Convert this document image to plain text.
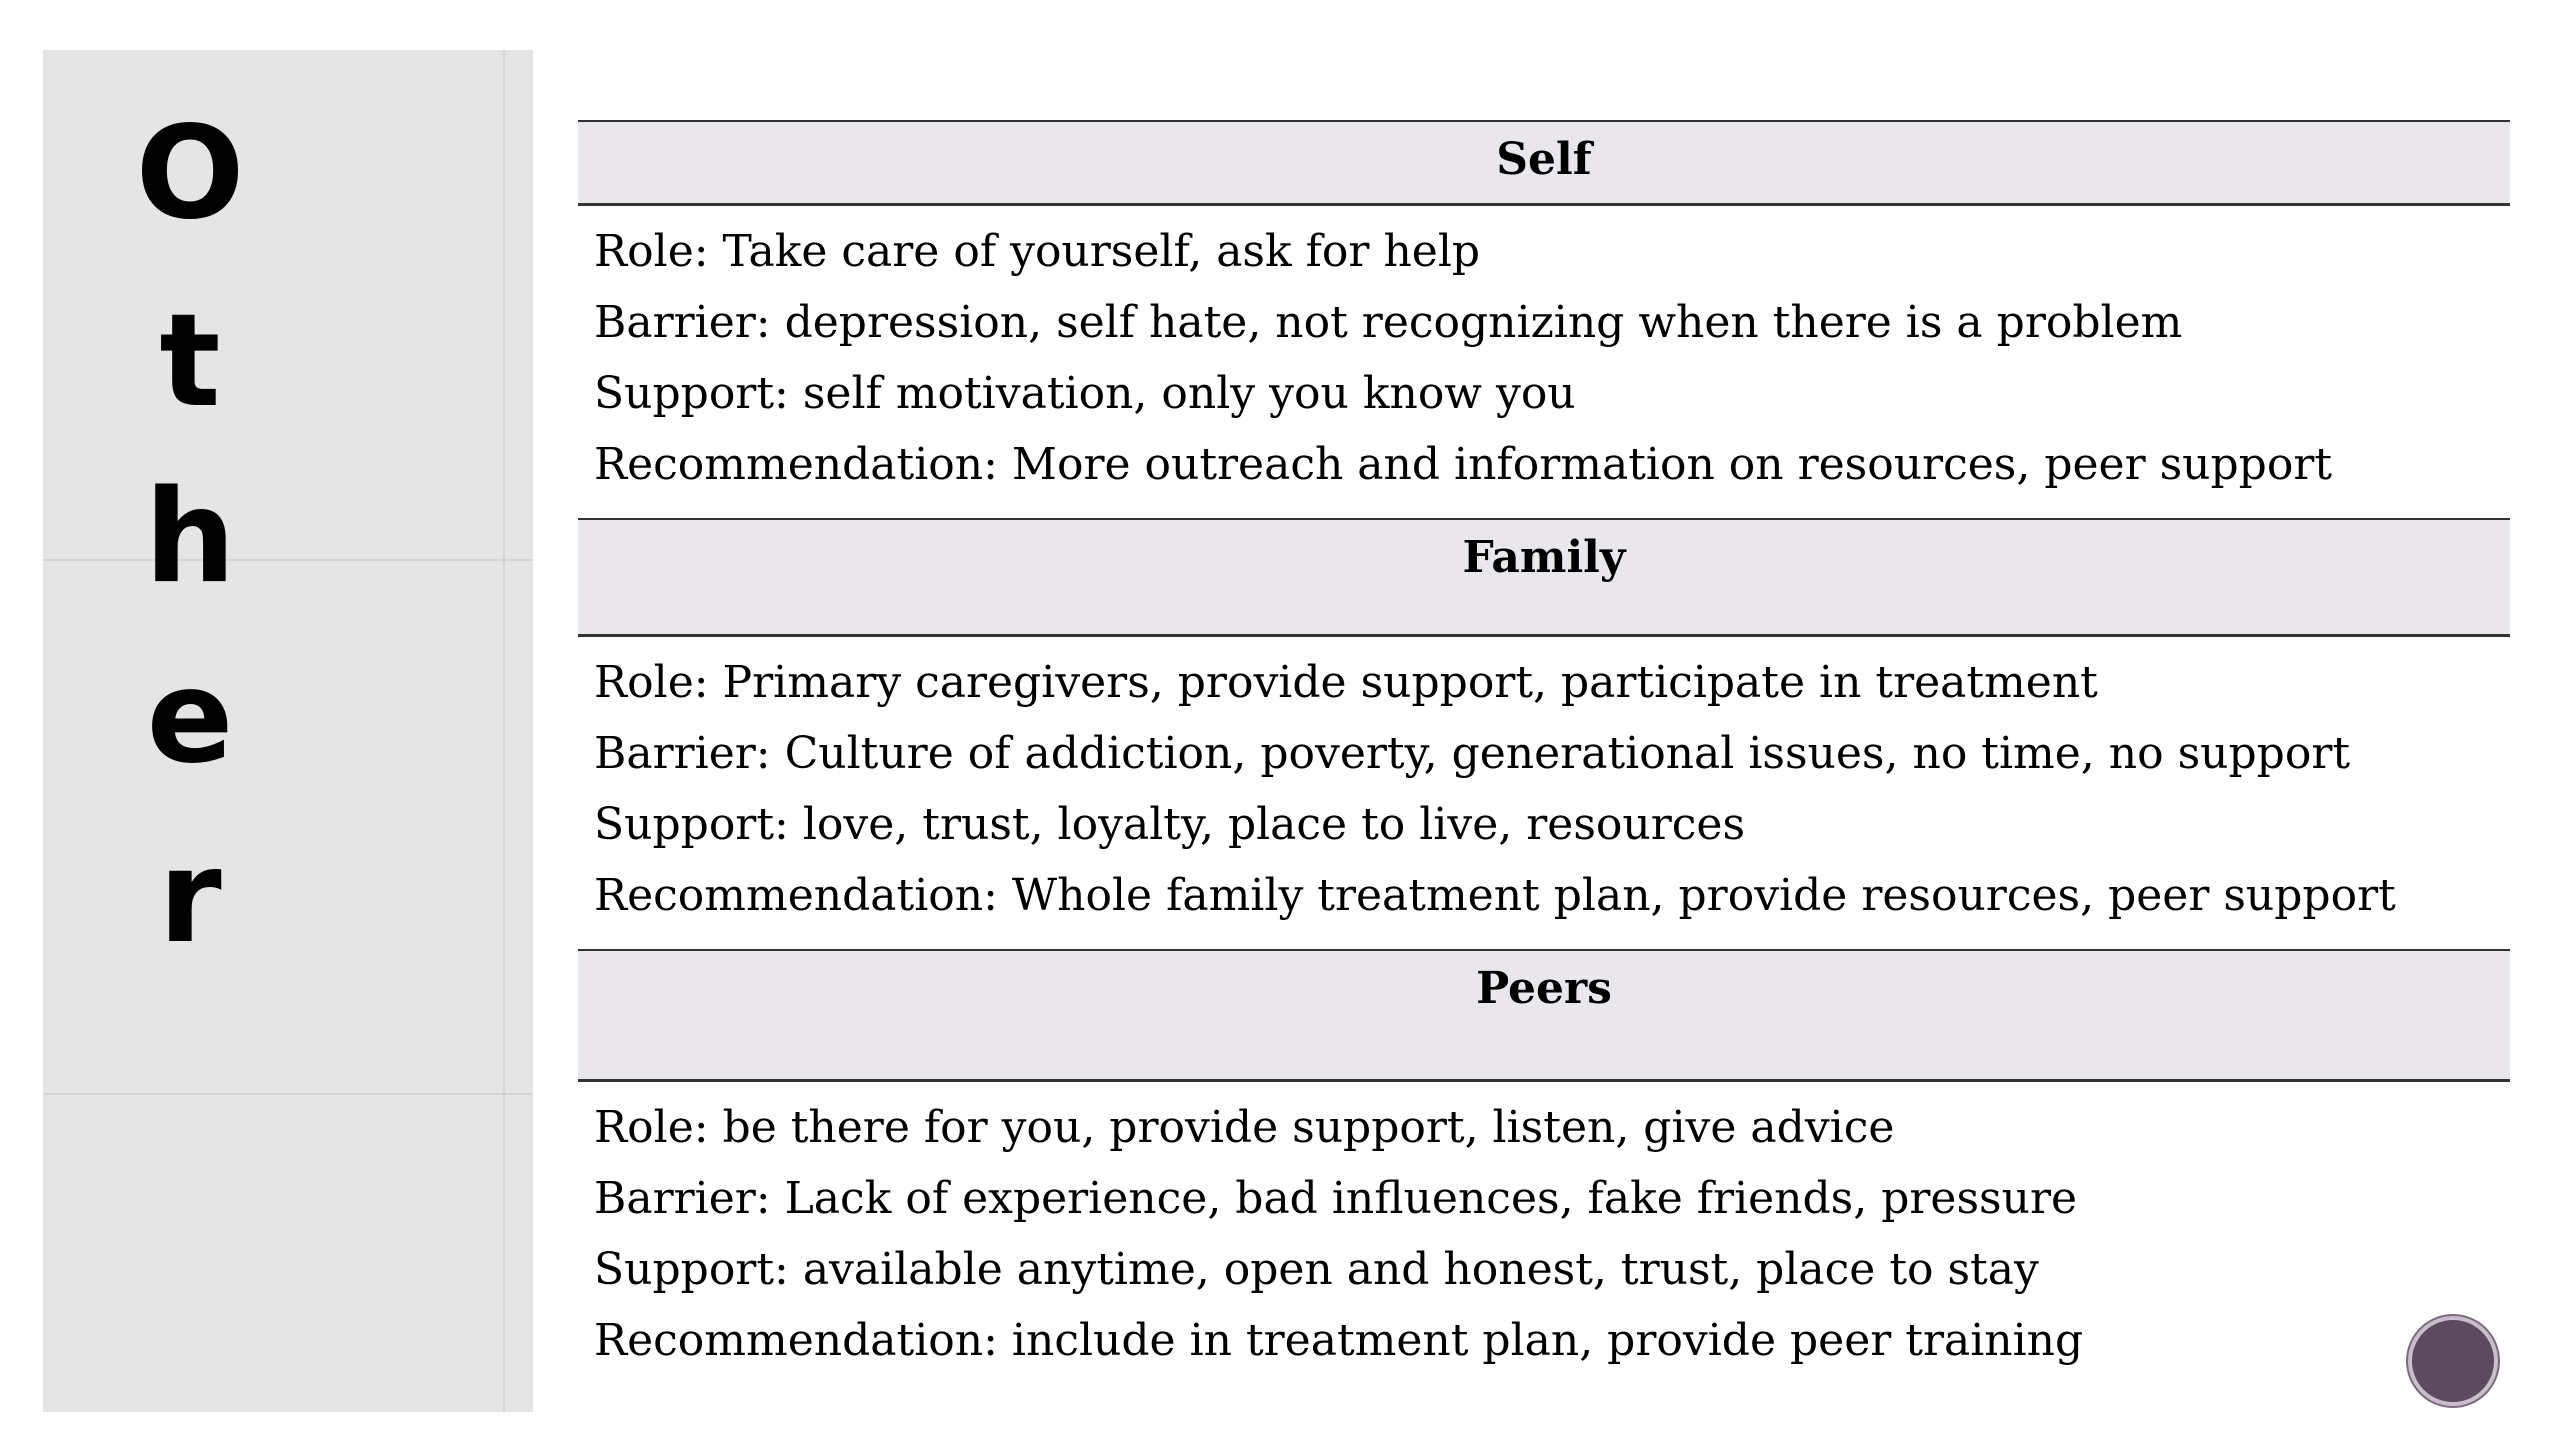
O
t
h
e
r
Self
Role: Take care of yourself, ask for help
Barrier: depression, self hate, not recognizing when there is a problem
Support: self motivation, only you know you
Recommendation: More outreach and information on resources, peer support
Family
Role: Primary caregivers, provide support, participate in treatment
Barrier: Culture of addiction, poverty, generational issues, no time, no support
Support: love, trust, loyalty, place to live, resources
Recommendation: Whole family treatment plan, provide resources, peer support
Peers
Role: be there for you, provide support, listen, give advice
Barrier: Lack of experience, bad influences, fake friends, pressure
Support: available anytime, open and honest, trust, place to stay
Recommendation: include in treatment plan, provide peer training
